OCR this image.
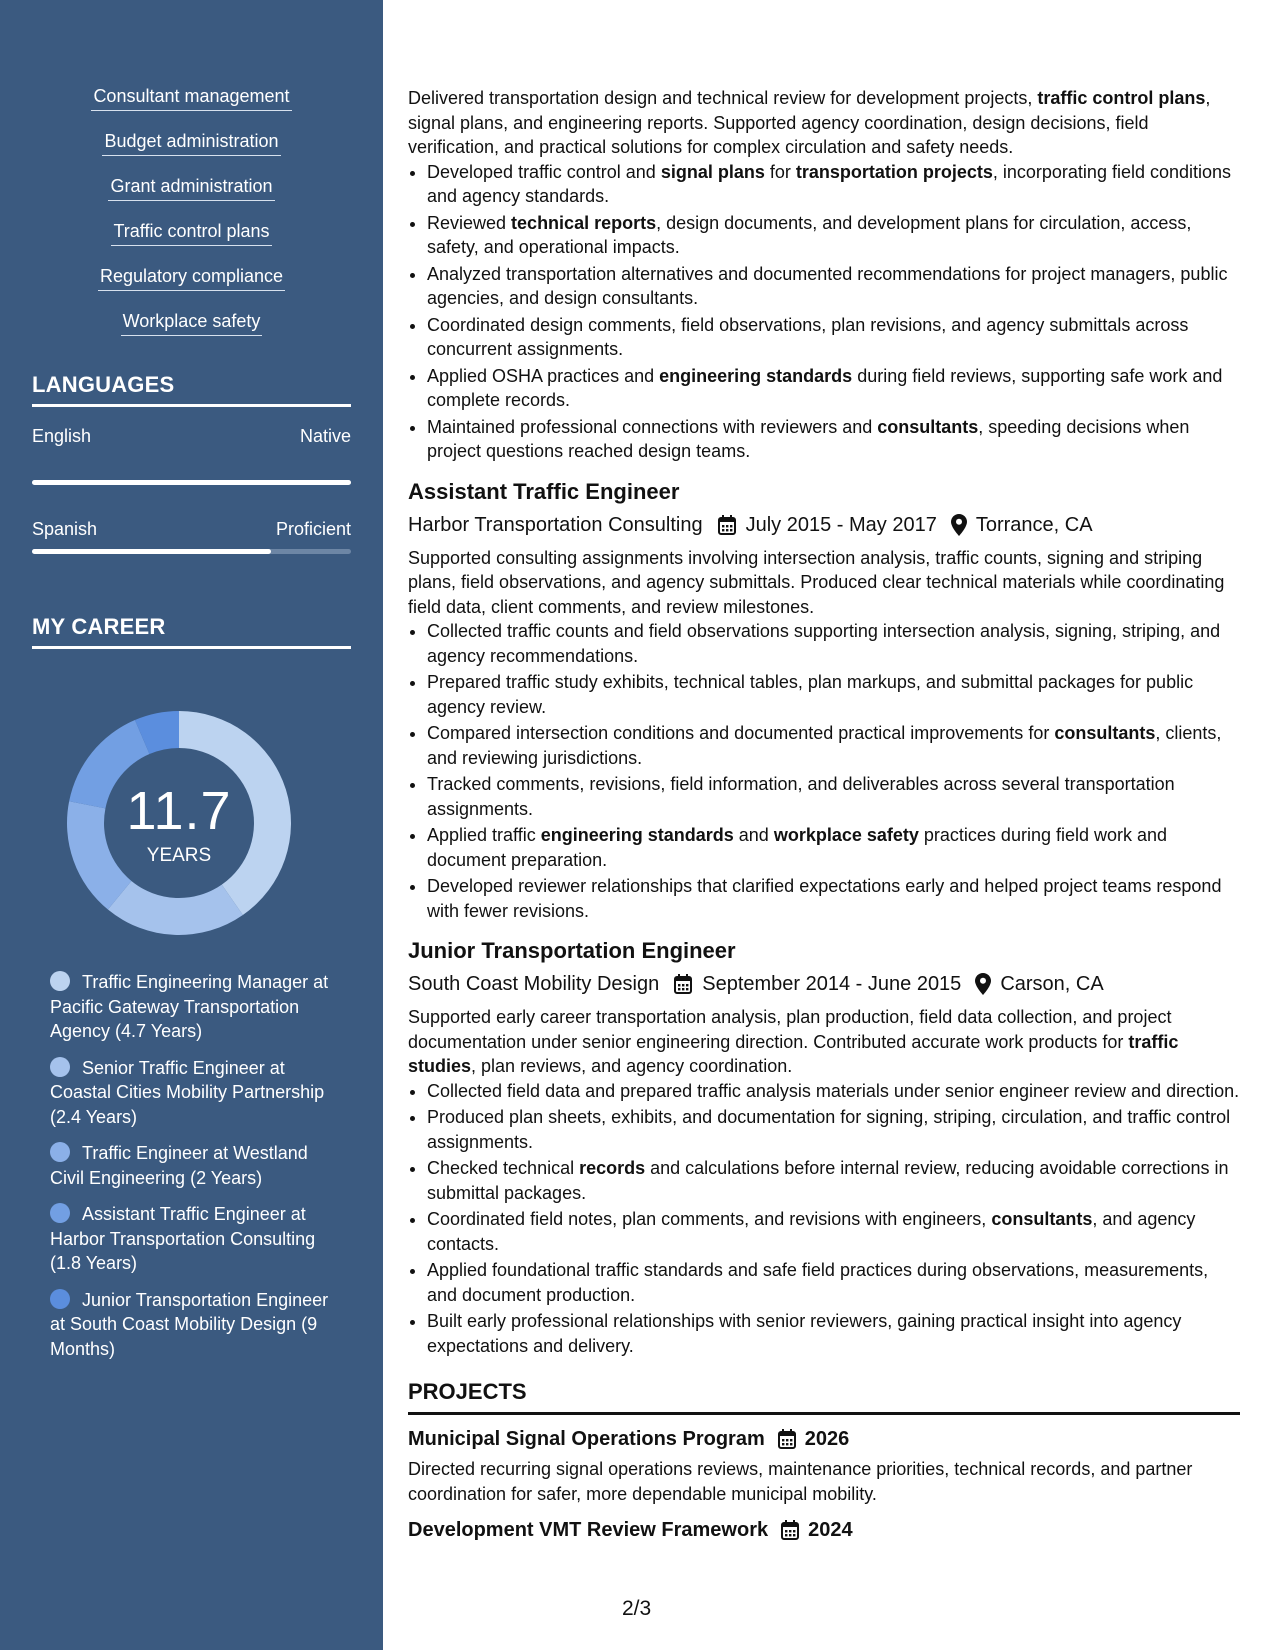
Consultant management
Budget administration
Grant administration
Traffic control plans
Regulatory compliance
Workplace safety
LANGUAGES
English	Native
Spanish	Proficient
MY CAREER
11.7
YEARS
Traffic Engineering Manager at Pacific Gateway Transportation Agency (4.7 Years)
Senior Traffic Engineer at Coastal Cities Mobility Partnership (2.4 Years)
Traffic Engineer at Westland Civil Engineering (2 Years)
Assistant Traffic Engineer at Harbor Transportation Consulting (1.8 Years)
Junior Transportation Engineer at South Coast Mobility Design (9 Months)

Delivered transportation design and technical review for development projects, traffic control plans, signal plans, and engineering reports. Supported agency coordination, design decisions, field verification, and practical solutions for complex circulation and safety needs.

• Developed traffic control and signal plans for transportation projects, incorporating field conditions and agency standards.
• Reviewed technical reports, design documents, and development plans for circulation, access, safety, and operational impacts.
• Analyzed transportation alternatives and documented recommendations for project managers, public agencies, and design consultants.
• Coordinated design comments, field observations, plan revisions, and agency submittals across concurrent assignments.
• Applied OSHA practices and engineering standards during field reviews, supporting safe work and complete records.
• Maintained professional connections with reviewers and consultants, speeding decisions when project questions reached design teams.
Assistant Traffic Engineer
Harbor Transportation Consulting July 2015 - May 2017 Torrance, CA

Supported consulting assignments involving intersection analysis, traffic counts, signing and striping plans, field observations, and agency submittals. Produced clear technical materials while coordinating field data, client comments, and review milestones.

• Collected traffic counts and field observations supporting intersection analysis, signing, striping, and agency recommendations.
• Prepared traffic study exhibits, technical tables, plan markups, and submittal packages for public agency review.
• Compared intersection conditions and documented practical improvements for consultants, clients, and reviewing jurisdictions.
• Tracked comments, revisions, field information, and deliverables across several transportation assignments.
• Applied traffic engineering standards and workplace safety practices during field work and document preparation.
• Developed reviewer relationships that clarified expectations early and helped project teams respond with fewer revisions.
Junior Transportation Engineer
South Coast Mobility Design September 2014 - June 2015 Carson, CA

Supported early career transportation analysis, plan production, field data collection, and project documentation under senior engineering direction. Contributed accurate work products for traffic studies, plan reviews, and agency coordination.

• Collected field data and prepared traffic analysis materials under senior engineer review and direction.
• Produced plan sheets, exhibits, and documentation for signing, striping, circulation, and traffic control assignments.
• Checked technical records and calculations before internal review, reducing avoidable corrections in submittal packages.
• Coordinated field notes, plan comments, and revisions with engineers, consultants, and agency contacts.
• Applied foundational traffic standards and safe field practices during observations, measurements, and document production.
• Built early professional relationships with senior reviewers, gaining practical insight into agency expectations and delivery.
PROJECTS
Municipal Signal Operations Program 2026

Directed recurring signal operations reviews, maintenance priorities, technical records, and partner coordination for safer, more dependable municipal mobility.

Development VMT Review Framework 2024
2/3
